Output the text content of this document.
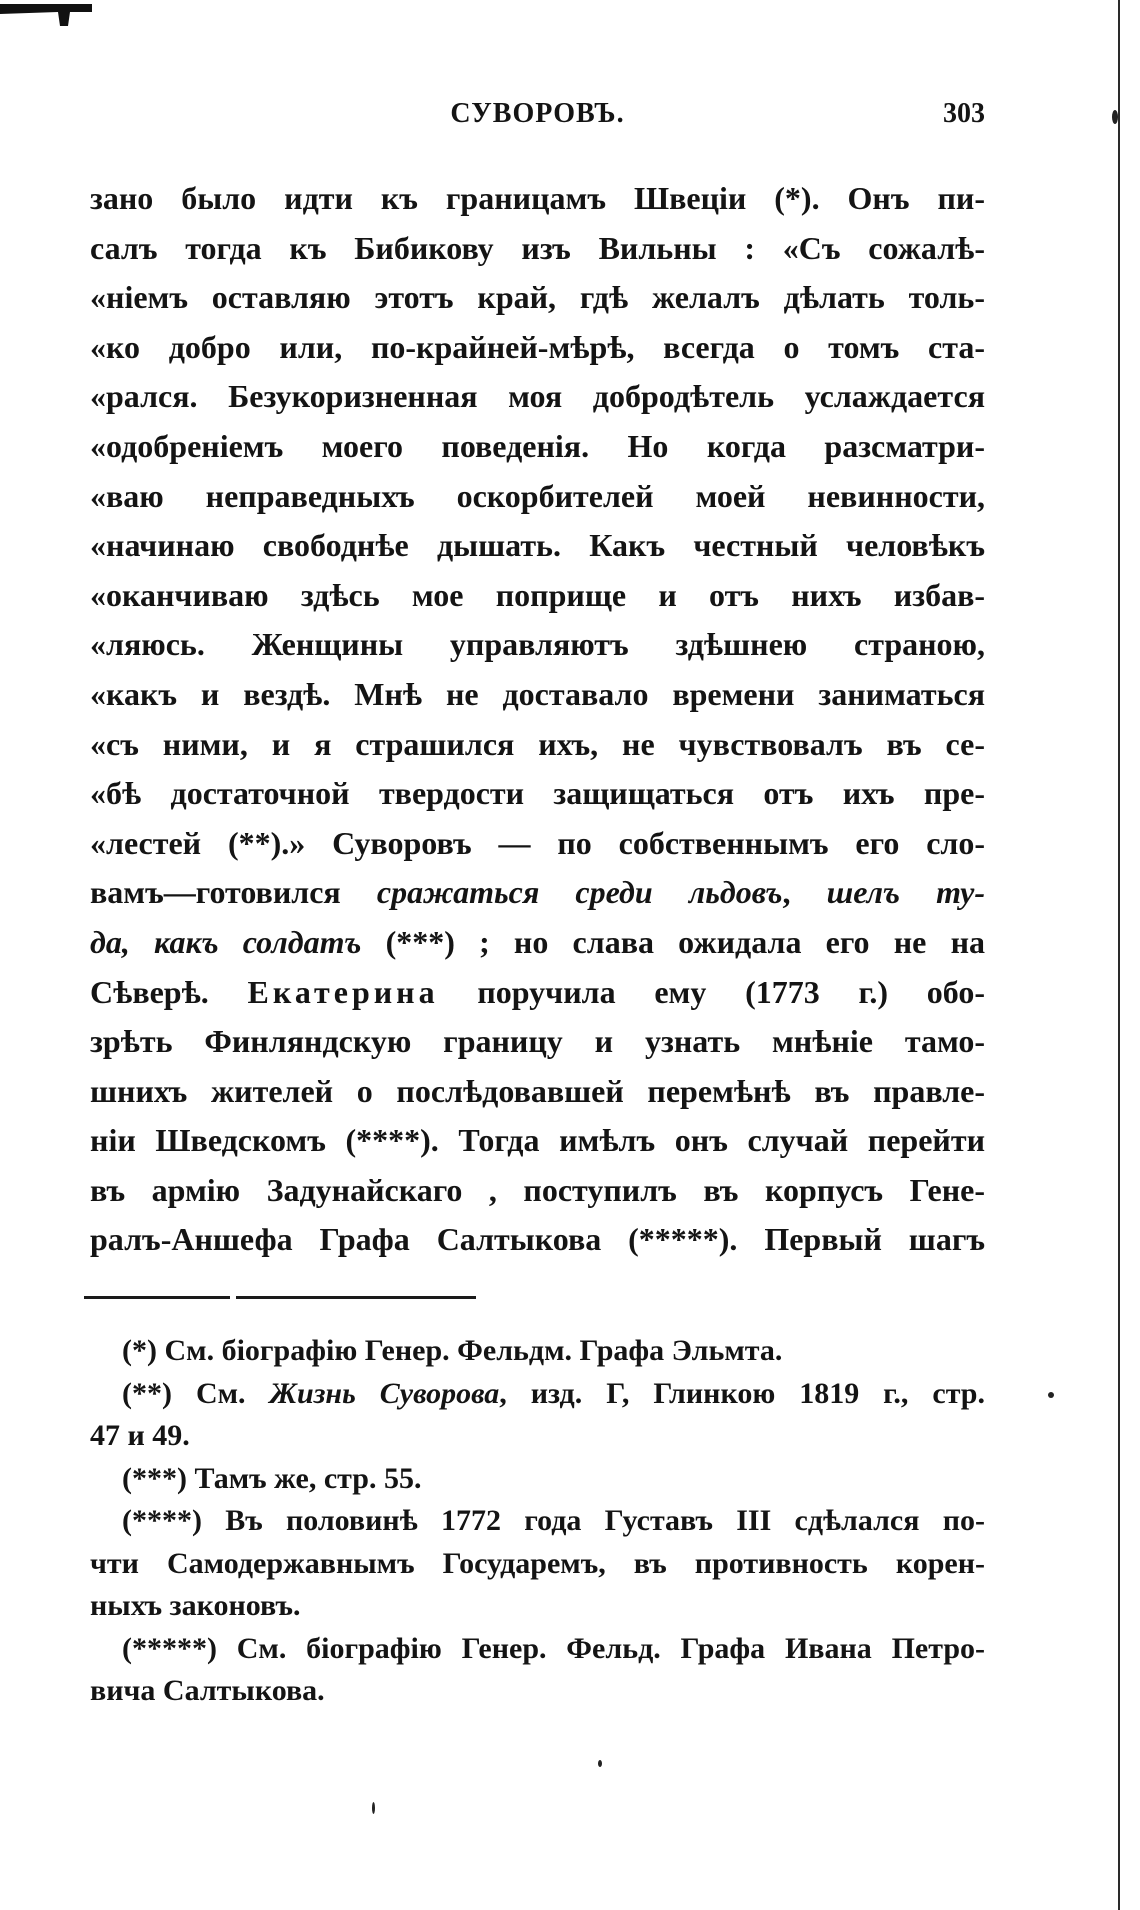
СУВОРОВЪ.	303
зано было идти къ границамъ Швеціи (*). Онъ пи-
салъ тогда къ Бибикову изъ Вильны : «Съ сожалѣ-
«ніемъ оставляю этотъ край, гдѣ желалъ дѣлать толь-
«ко добро или, по-крайней-мѣрѣ, всегда о томъ ста-
«рался. Безукоризненная моя добродѣтель услаждается
«одобреніемъ моего поведенія. Но когда разсматри-
«ваю неправедныхъ оскорбителей моей невинности,
«начинаю свободнѣе дышать. Какъ честный человѣкъ
«оканчиваю здѣсь мое поприще и отъ нихъ избав-
«ляюсь. Женщины управляютъ здѣшнею страною,
«какъ и вездѣ. Мнѣ не доставало времени заниматься
«съ ними, и я страшился ихъ, не чувствовалъ въ се-
«бѣ достаточной твердости защищаться отъ ихъ пре-
«лестей (**).» Суворовъ — по собственнымъ его сло-
вамъ—готовился сражаться среди льдовъ, шелъ ту-
да, какъ солдатъ (***) ; но слава ожидала его не на
Сѣверѣ. Екатерина поручила ему (1773 г.) обо-
зрѣть Финляндскую границу и узнать мнѣніе тамо-
шнихъ жителей о послѣдовавшей перемѣнѣ въ правле-
ніи Шведскомъ (****). Тогда имѣлъ онъ случай перейти
въ армію Задунайскаго , поступилъ въ корпусъ Гене-
ралъ-Аншефа Графа Салтыкова (*****). Первый шагъ
(*) См. біографію Генер. Фельдм. Графа Эльмта.
(**) См. Жизнь Суворова, изд. Г, Глинкою 1819 г., стр.
47 и 49.
(***) Тамъ же, стр. 55.
(****) Въ половинѣ 1772 года Густавъ III сдѣлался по-
чти Самодержавнымъ Государемъ, въ противность корен-
ныхъ законовъ.
(*****) См. біографію Генер. Фельд. Графа Ивана Петро-
вича Салтыкова.
